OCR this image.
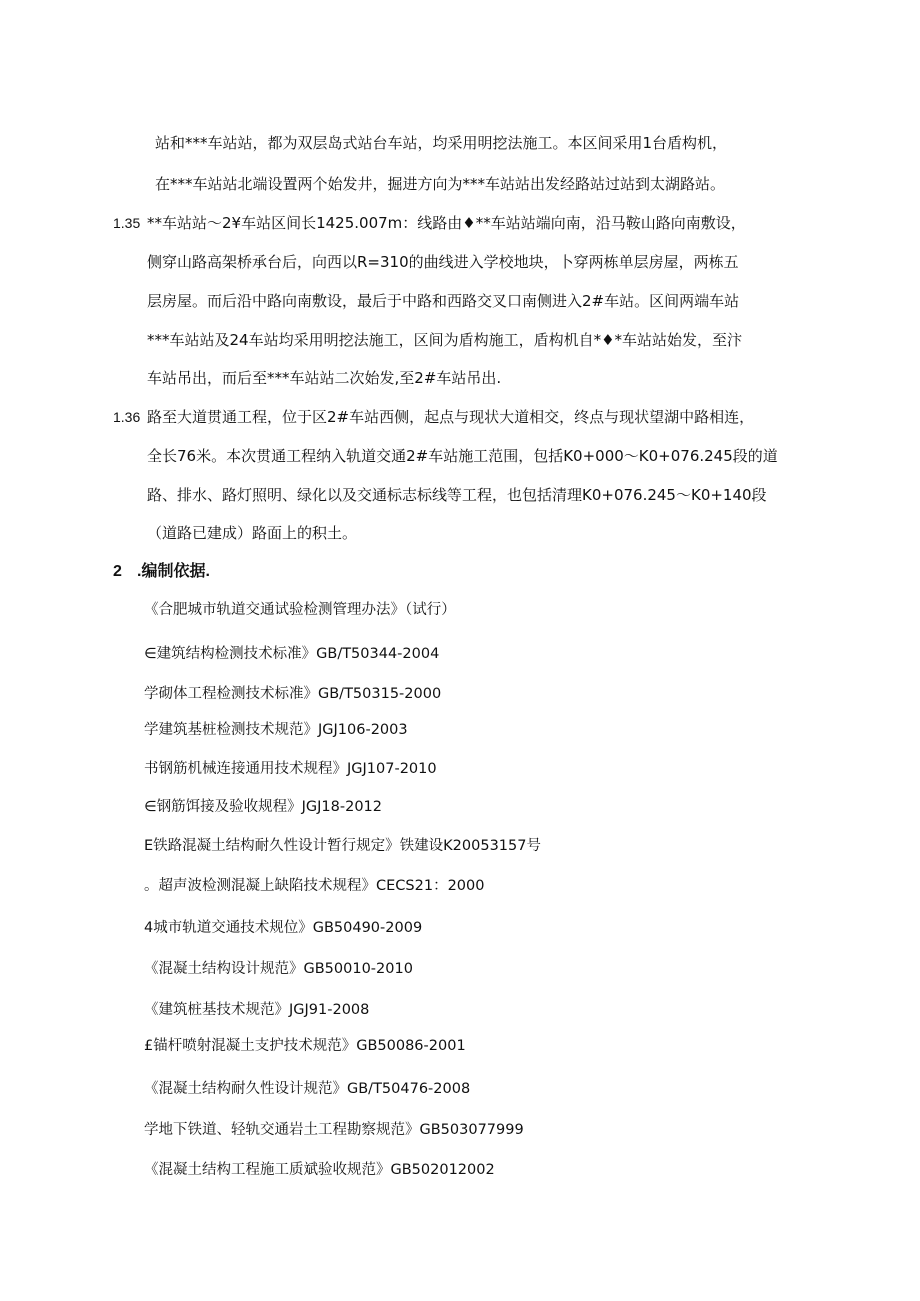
站和***车站站，都为双层岛式站台车站，均采用明挖法施工。本区间采用1台盾构机，
在***车站站北端设置两个始发井，掘进方向为***车站站出发经路站过站到太湖路站。
1.35 **车站站～2¥车站区间长1425.007m：线路由♦**车站站端向南，沿马鞍山路向南敷设，
侧穿山路高架桥承台后，向西以R=310的曲线进入学校地块，卜穿两栋单层房屋，两栋五
层房屋。而后沿中路向南敷设，最后于中路和西路交叉口南侧进入2#车站。区间两端车站
***车站站及24车站均采用明挖法施工，区间为盾构施工，盾构机自*♦*车站站始发，至汴
车站吊出，而后至***车站站二次始发,至2#车站吊出.
1.36 路至大道贯通工程，位于区2#车站西侧，起点与现状大道相交，终点与现状望湖中路相连，
全长76米。本次贯通工程纳入轨道交通2#车站施工范围，包括K0+000～K0+076.245段的道
路、排水、路灯照明、绿化以及交通标志标线等工程，也包括清理K0+076.245～K0+140段
（道路已建成）路面上的积土。
2 .编制依据.
《合肥城市轨道交通试验检测管理办法》（试行）
∈建筑结构检测技术标准》GB/T50344-2004
学砌体工程检测技术标准》GB/T50315-2000
学建筑基桩检测技术规范》JGJ106-2003
书钢筋机械连接通用技术规程》JGJ107-2010
∈钢筋饵接及验收规程》JGJ18-2012
E铁路混凝土结构耐久性设计暂行规定》铁建设K20053157号
。超声波检测混凝上缺陷技术规程》CECS21：2000
4城市轨道交通技术规位》GB50490-2009
《混凝土结构设计规范》GB50010-2010
《建筑桩基技术规范》JGJ91-2008
£锚杆喷射混凝土支护技术规范》GB50086-2001
《混凝土结构耐久性设计规范》GB/T50476-2008
学地下铁道、轻轨交通岩土工程勘察规范》GB503077999
《混凝土结构工程施工质斌验收规范》GB502012002
